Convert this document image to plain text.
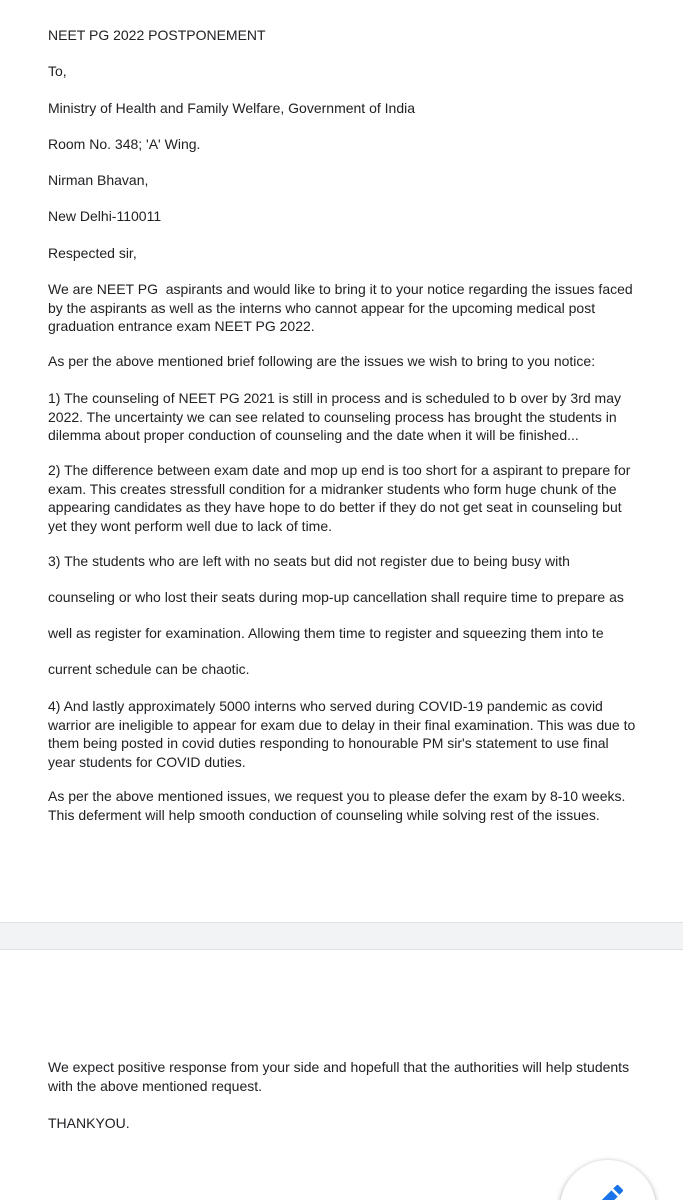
NEET PG 2022 POSTPONEMENT

To,

Ministry of Health and Family Welfare, Government of India

Room No. 348; 'A' Wing.

Nirman Bhavan,

New Delhi-110011

Respected sir,

We are NEET PG  aspirants and would like to bring it to your notice regarding the issues faced by the aspirants as well as the interns who cannot appear for the upcoming medical post graduation entrance exam NEET PG 2022.

As per the above mentioned brief following are the issues we wish to bring to you notice:

1) The counseling of NEET PG 2021 is still in process and is scheduled to b over by 3rd may 2022. The uncertainty we can see related to counseling process has brought the students in dilemma about proper conduction of counseling and the date when it will be finished...

2) The difference between exam date and mop up end is too short for a aspirant to prepare for exam. This creates stressfull condition for a midranker students who form huge chunk of the appearing candidates as they have hope to do better if they do not get seat in counseling but yet they wont perform well due to lack of time.

3) The students who are left with no seats but did not register due to being busy with

counseling or who lost their seats during mop-up cancellation shall require time to prepare as

well as register for examination. Allowing them time to register and squeezing them into te

current schedule can be chaotic.

4) And lastly approximately 5000 interns who served during COVID-19 pandemic as covid warrior are ineligible to appear for exam due to delay in their final examination. This was due to them being posted in covid duties responding to honourable PM sir's statement to use final year students for COVID duties.

As per the above mentioned issues, we request you to please defer the exam by 8-10 weeks. This deferment will help smooth conduction of counseling while solving rest of the issues.

We expect positive response from your side and hopefull that the authorities will help students with the above mentioned request.

THANKYOU.
